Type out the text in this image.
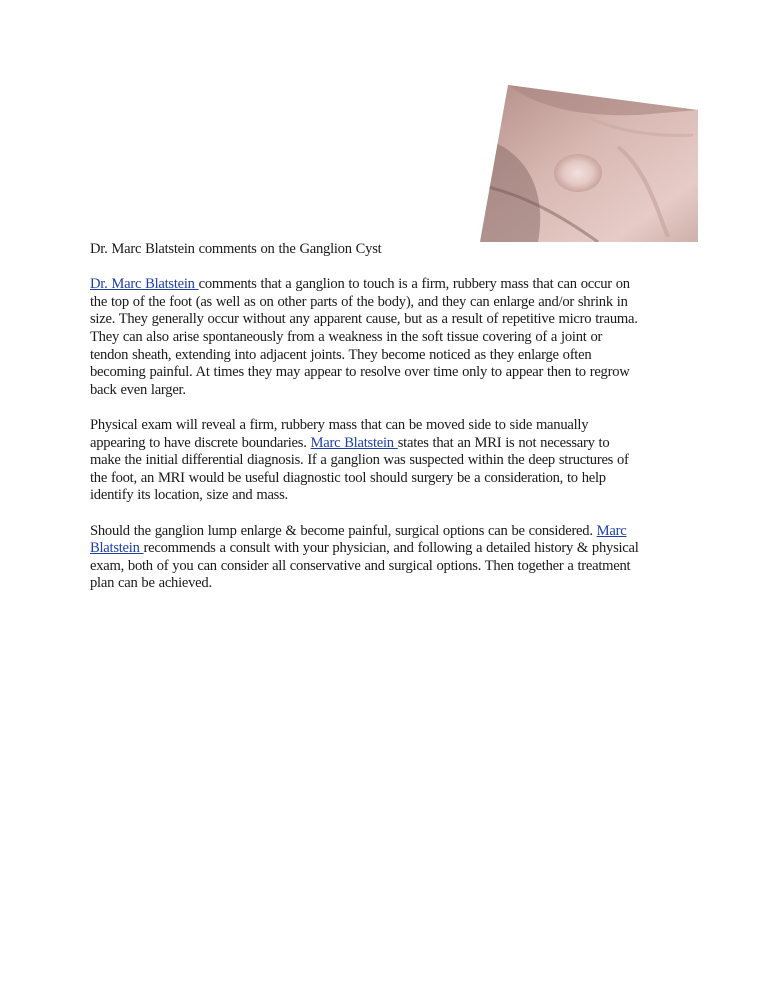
Dr. Marc Blatstein comments on the Ganglion Cyst

Dr. Marc Blatstein comments that a ganglion to touch is a firm, rubbery mass that can occur on
the top of the foot (as well as on other parts of the body), and they can enlarge and/or shrink in
size. They generally occur without any apparent cause, but as a result of repetitive micro trauma.
They can also arise spontaneously from a weakness in the soft tissue covering of a joint or
tendon sheath, extending into adjacent joints. They become noticed as they enlarge often
becoming painful. At times they may appear to resolve over time only to appear then to regrow
back even larger.

Physical exam will reveal a firm, rubbery mass that can be moved side to side manually
appearing to have discrete boundaries. Marc Blatstein states that an MRI is not necessary to
make the initial differential diagnosis. If a ganglion was suspected within the deep structures of
the foot, an MRI would be useful diagnostic tool should surgery be a consideration, to help
identify its location, size and mass.

Should the ganglion lump enlarge & become painful, surgical options can be considered. Marc
Blatstein recommends a consult with your physician, and following a detailed history & physical
exam, both of you can consider all conservative and surgical options. Then together a treatment
plan can be achieved.
